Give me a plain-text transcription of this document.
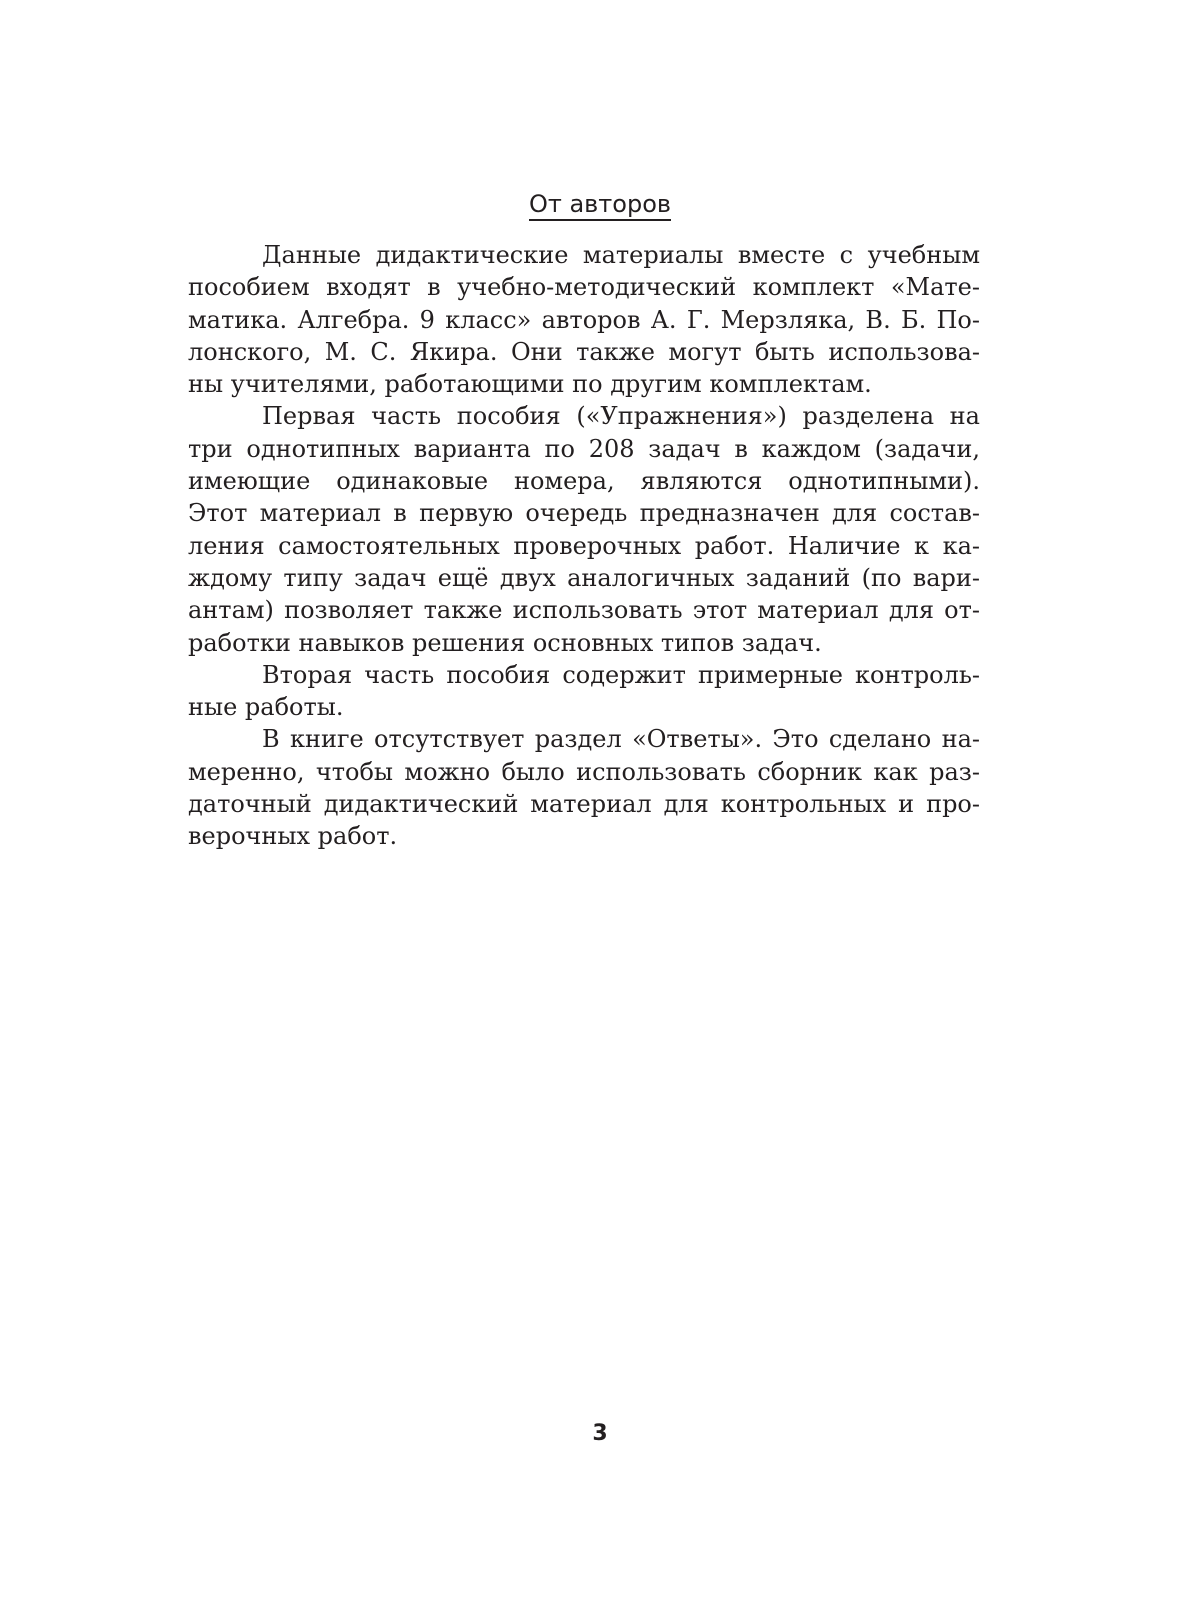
От авторов
Данные дидактические материалы вместе с учебным
пособием входят в учебно-методический комплект «Мате-
матика. Алгебра. 9 класс» авторов А. Г. Мерзляка, В. Б. По-
лонского, М. С. Якира. Они также могут быть использова-
ны учителями, работающими по другим комплектам.
Первая часть пособия («Упражнения») разделена на
три однотипных варианта по 208 задач в каждом (задачи,
имеющие одинаковые номера, являются однотипными).
Этот материал в первую очередь предназначен для состав-
ления самостоятельных проверочных работ. Наличие к ка-
ждому типу задач ещё двух аналогичных заданий (по вари-
антам) позволяет также использовать этот материал для от-
работки навыков решения основных типов задач.
Вторая часть пособия содержит примерные контроль-
ные работы.
В книге отсутствует раздел «Ответы». Это сделано на-
меренно, чтобы можно было использовать сборник как раз-
даточный дидактический материал для контрольных и про-
верочных работ.
3
